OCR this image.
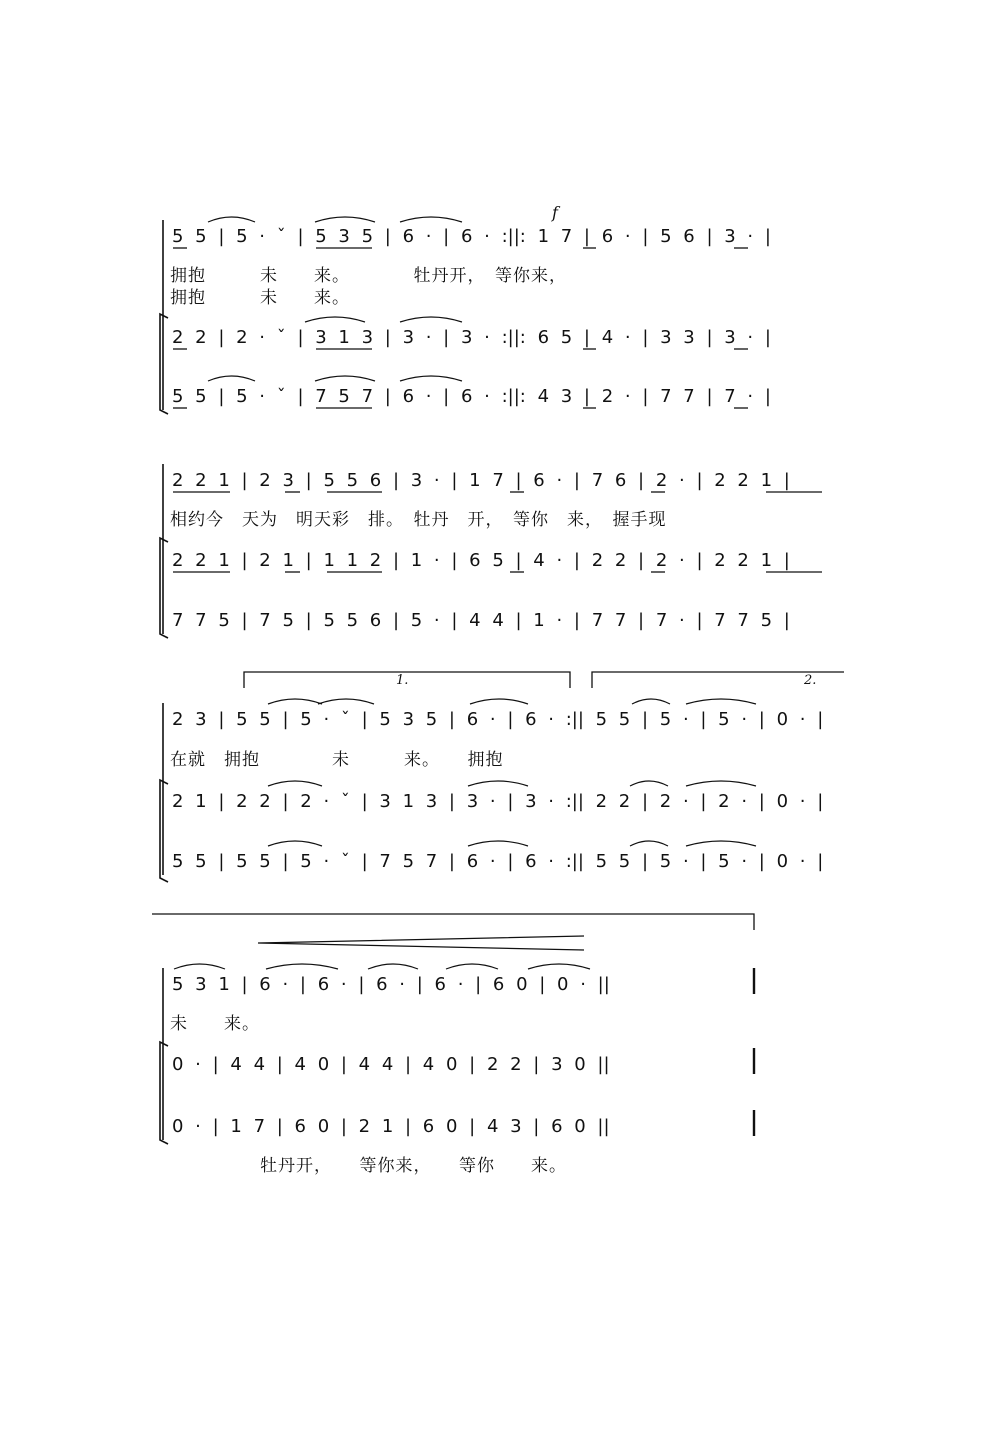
5 5 | 5 · ˇ | 5 3 5 | 6 · | 6 · :||: 1 7 | 6 · | 5 6 | 3 · |
拥抱　　　未　　来。　　　　牡丹开，　等你来，
拥抱　　　未　　来。
2 2 | 2 · ˇ | 3 1 3 | 3 · | 3 · :||: 6 5 | 4 · | 3 3 | 3 · |
5 5 | 5 · ˇ | 7 5 7 | 6 · | 6 · :||: 4 3 | 2 · | 7 7 | 7 · |
2 2 1 | 2 3 | 5 5 6 | 3 · | 1 7 | 6 · | 7 6 | 2 · | 2 2 1 |
相约今　天为　明天彩　排。　牡丹　开，　等你　来，　握手现
2 2 1 | 2 1 | 1 1 2 | 1 · | 6 5 | 4 · | 2 2 | 2 · | 2 2 1 |
7 7 5 | 7 5 | 5 5 6 | 5 · | 4 4 | 1 · | 7 7 | 7 · | 7 7 5 |
2 3 | 5 5 | 5 · ˇ | 5 3 5 | 6 · | 6 · :|| 5 5 | 5 · | 5 · | 0 · |
在就　拥抱　　　　未　　　来。　　拥抱
2 1 | 2 2 | 2 · ˇ | 3 1 3 | 3 · | 3 · :|| 2 2 | 2 · | 2 · | 0 · |
5 5 | 5 5 | 5 · ˇ | 7 5 7 | 6 · | 6 · :|| 5 5 | 5 · | 5 · | 0 · |
5 3 1 | 6 · | 6 · | 6 · | 6 · | 6 0 | 0 · ||
未　　来。
0 · | 4 4 | 4 0 | 4 4 | 4 0 | 2 2 | 3 0 ||
0 · | 1 7 | 6 0 | 2 1 | 6 0 | 4 3 | 6 0 ||
牡丹开，　　等你来，　　等你　　来。
f
1.	2.
